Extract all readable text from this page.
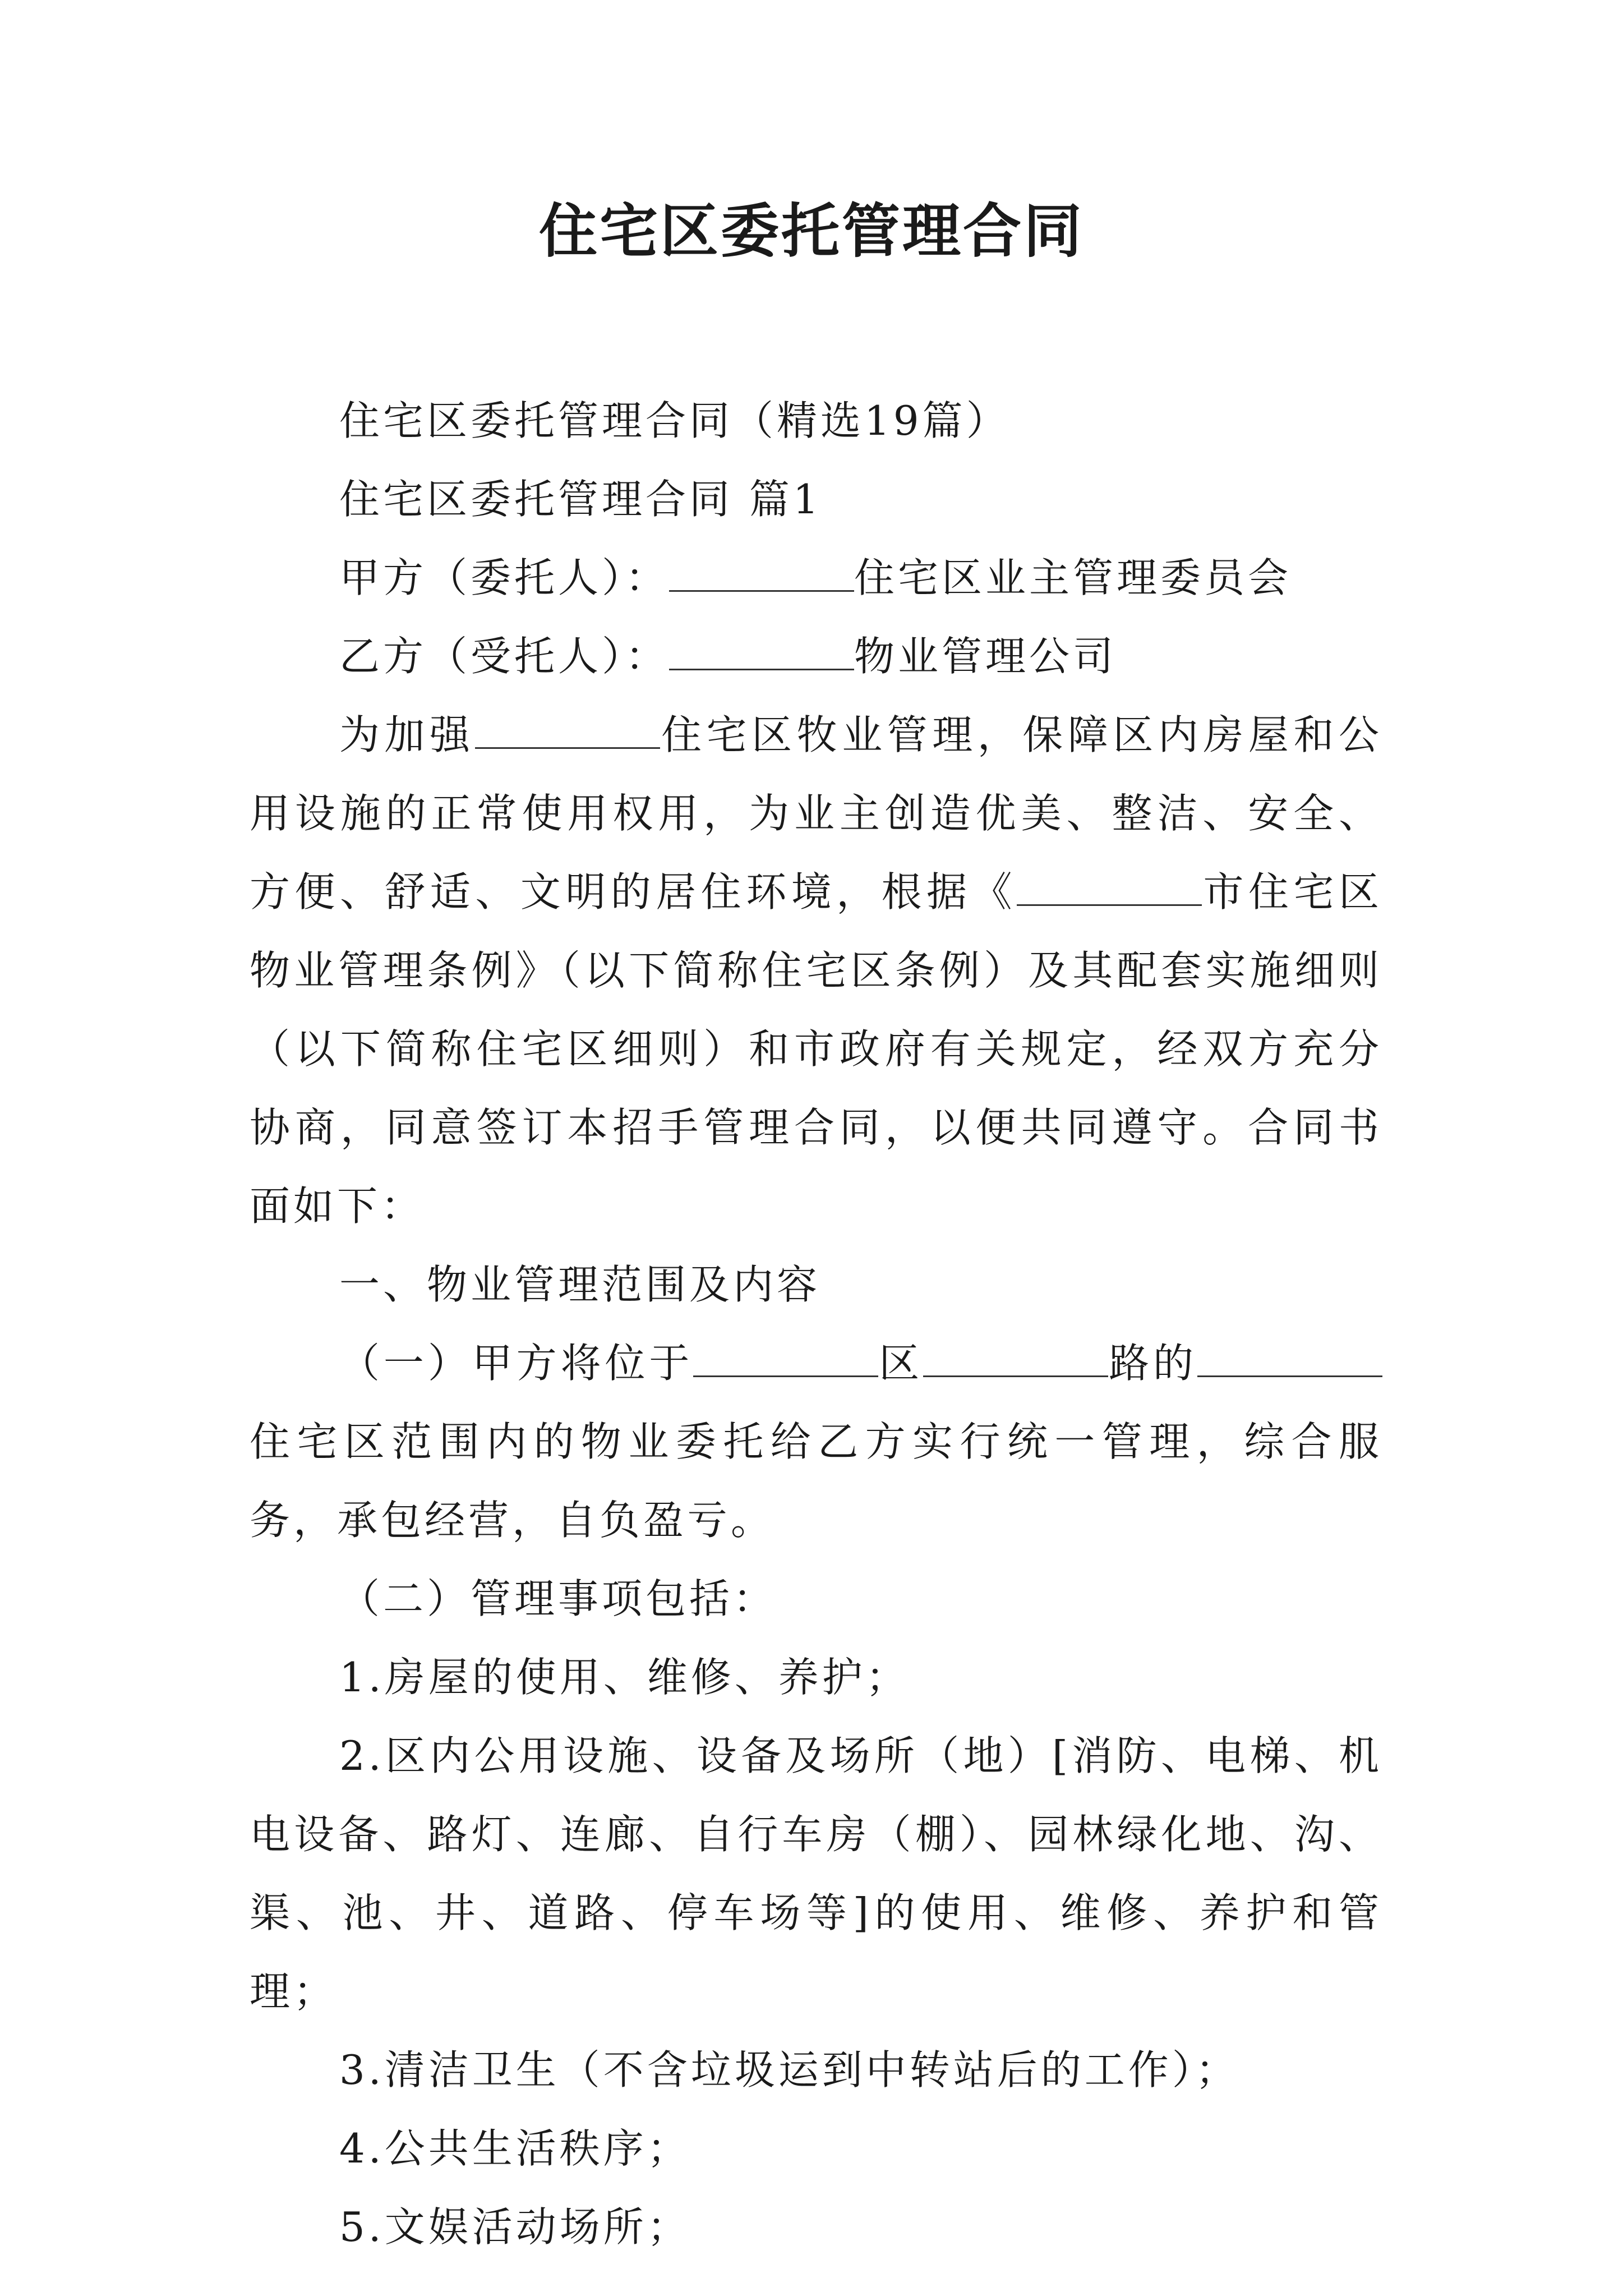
住宅区委托管理合同

住宅区委托管理合同（精选19篇）

住宅区委托管理合同 篇1

甲方（委托人）：	住宅区业主管理委员会

乙方（受托人）：	物业管理公司

为加强	住宅区牧业管理，保障区内房屋和公用设施的正常使用权用，为业主创造优美、整洁、安全、方便、舒适、文明的居住环境，根据《	市住宅区物业管理条例》（以下简称住宅区条例）及其配套实施细则（以下简称住宅区细则）和市政府有关规定，经双方充分协商，同意签订本招手管理合同，以便共同遵守。合同书面如下：

一、物业管理范围及内容

（一）甲方将位于	区	路的住宅区范围内的物业委托给乙方实行统一管理，综合服务，承包经营，自负盈亏。

（二）管理事项包括：

1.房屋的使用、维修、养护；

2.区内公用设施、设备及场所（地）[消防、电梯、机电设备、路灯、连廊、自行车房（棚）、园林绿化地、沟、渠、池、井、道路、停车场等]的使用、维修、养护和管理；

3.清洁卫生（不含垃圾运到中转站后的工作）；

4.公共生活秩序；

5.文娱活动场所；
